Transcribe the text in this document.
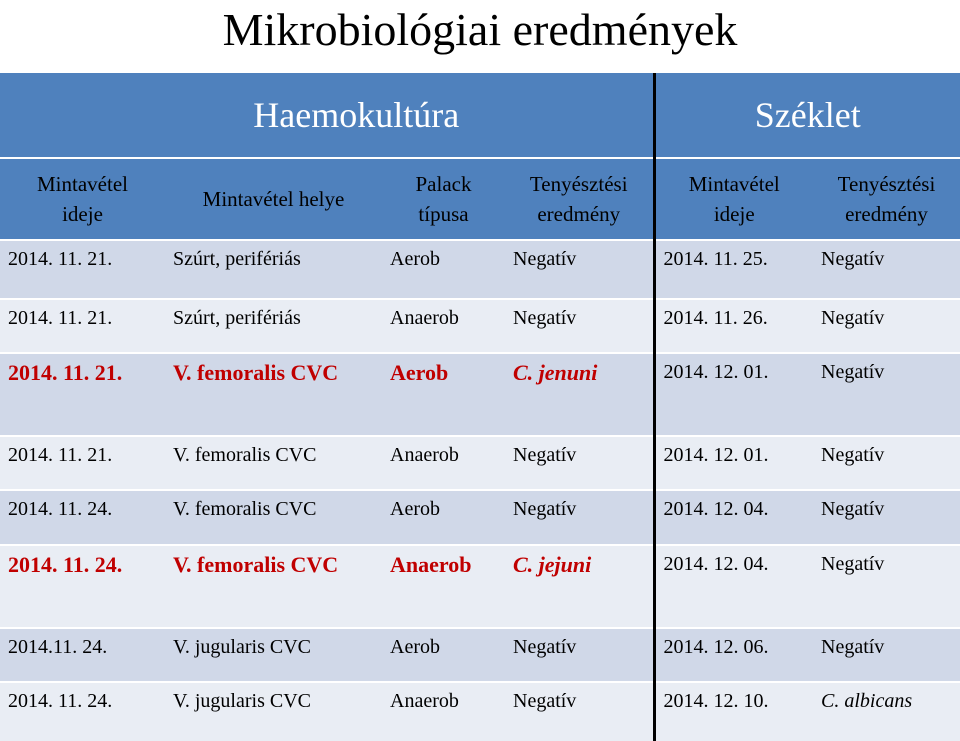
Mikrobiológiai eredmények
Haemokultúra				Széklet	

Mintavétel
ideje	Mintavétel helye	Palack
típusa	Tenyésztési
eredmény	Mintavétel
ideje	Tenyésztési
eredmény

2014. 11. 21.	Szúrt, perifériás	Aerob	Negatív	2014. 11. 25.	Negatív
2014. 11. 21.	Szúrt, perifériás	Anaerob	Negatív	2014. 11. 26.	Negatív
2014. 11. 21.	V. femoralis CVC	Aerob	C. jenuni	2014. 12. 01.	Negatív
2014. 11. 21.	V. femoralis CVC	Anaerob	Negatív	2014. 12. 01.	Negatív
2014. 11. 24.	V. femoralis CVC	Aerob	Negatív	2014. 12. 04.	Negatív
2014. 11. 24.	V. femoralis CVC	Anaerob	C. jejuni	2014. 12. 04.	Negatív
2014.11. 24.	V. jugularis CVC	Aerob	Negatív	2014. 12. 06.	Negatív
2014. 11. 24.	V. jugularis CVC	Anaerob	Negatív	2014. 12. 10.	C. albicans
